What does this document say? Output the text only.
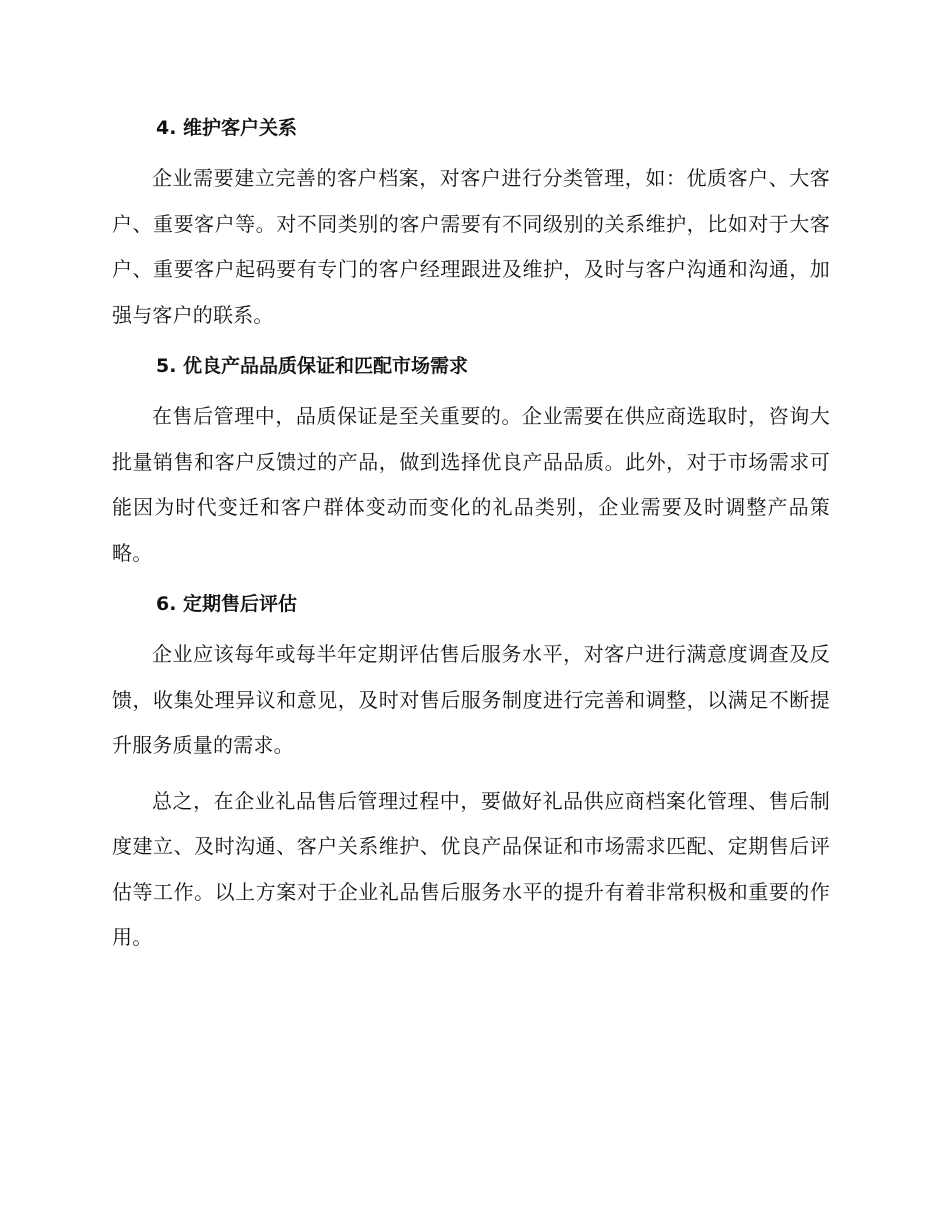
4. 维护客户关系

企业需要建立完善的客户档案，对客户进行分类管理，如：优质客户、大客户、重要客户等。对不同类别的客户需要有不同级别的关系维护，比如对于大客户、重要客户起码要有专门的客户经理跟进及维护，及时与客户沟通和沟通，加强与客户的联系。

5. 优良产品品质保证和匹配市场需求

在售后管理中，品质保证是至关重要的。企业需要在供应商选取时，咨询大批量销售和客户反馈过的产品，做到选择优良产品品质。此外，对于市场需求可能因为时代变迁和客户群体变动而变化的礼品类别，企业需要及时调整产品策略。

6. 定期售后评估

企业应该每年或每半年定期评估售后服务水平，对客户进行满意度调查及反馈，收集处理异议和意见，及时对售后服务制度进行完善和调整，以满足不断提升服务质量的需求。

总之，在企业礼品售后管理过程中，要做好礼品供应商档案化管理、售后制度建立、及时沟通、客户关系维护、优良产品保证和市场需求匹配、定期售后评估等工作。以上方案对于企业礼品售后服务水平的提升有着非常积极和重要的作用。
